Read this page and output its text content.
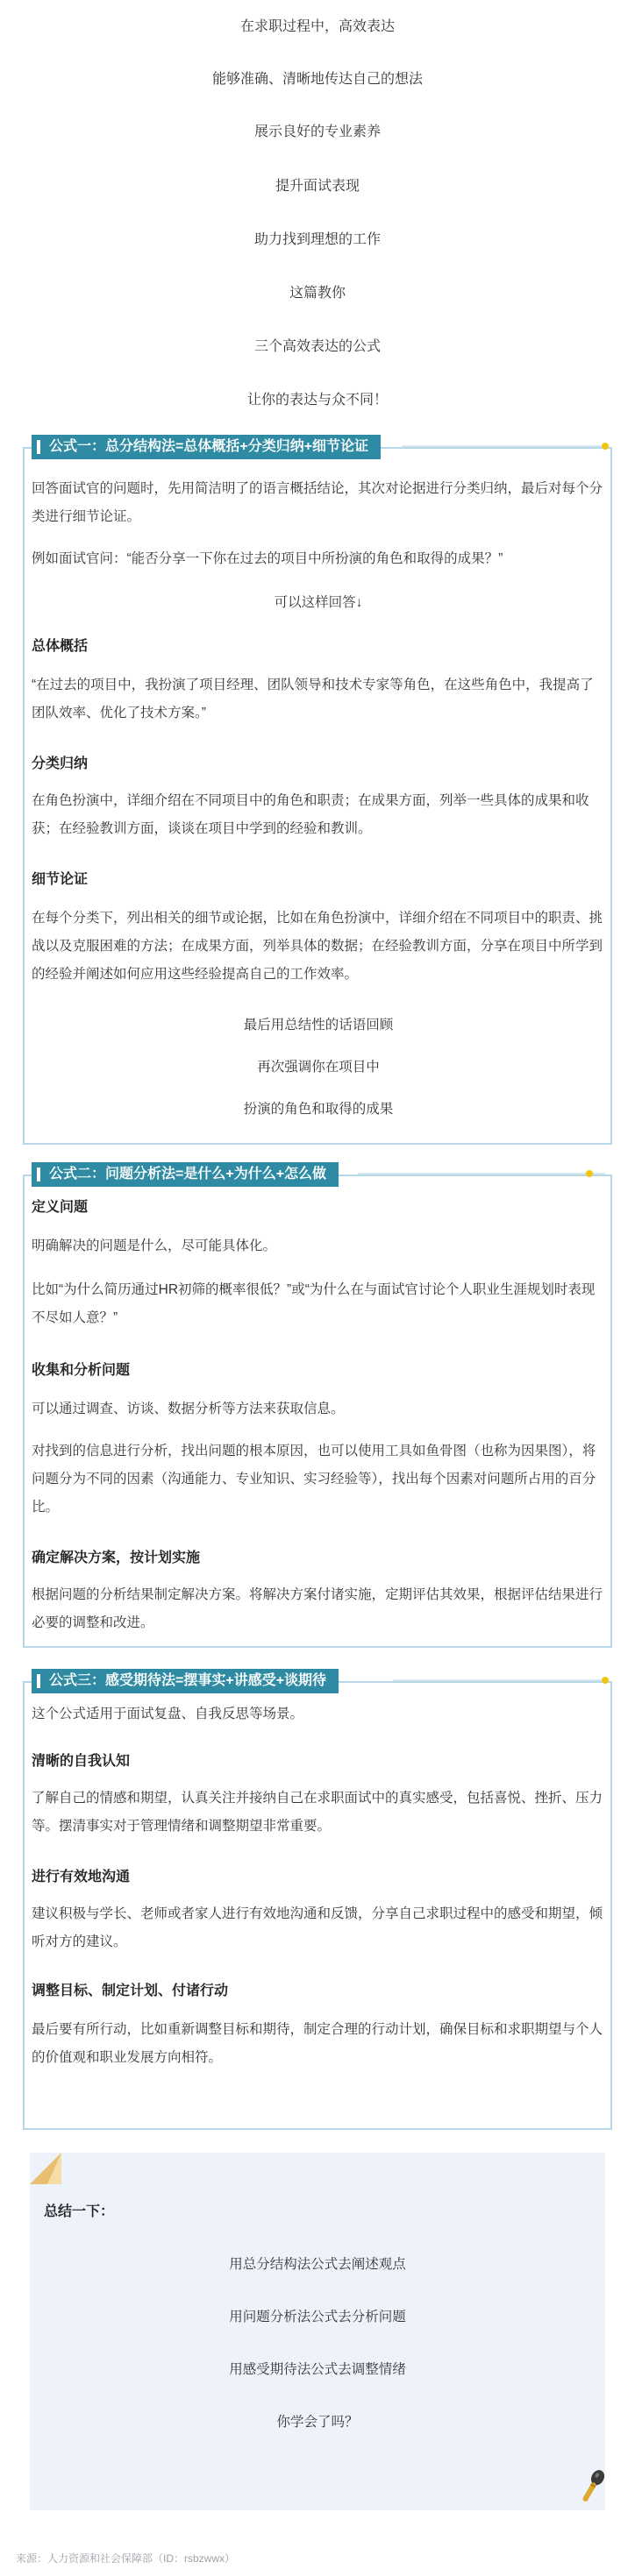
在求职过程中，高效表达
能够准确、清晰地传达自己的想法
展示良好的专业素养
提升面试表现
助力找到理想的工作
这篇教你
三个高效表达的公式
让你的表达与众不同！
公式一：总分结构法=总体概括+分类归纳+细节论证
回答面试官的问题时，先用简洁明了的语言概括结论，其次对论据进行分类归纳，最后对每个分类进行细节论证。
例如面试官问：“能否分享一下你在过去的项目中所扮演的角色和取得的成果？”
可以这样回答↓
总体概括
“在过去的项目中，我扮演了项目经理、团队领导和技术专家等角色，在这些角色中，我提高了团队效率、优化了技术方案。”
分类归纳
在角色扮演中，详细介绍在不同项目中的角色和职责；在成果方面，列举一些具体的成果和收获；在经验教训方面，谈谈在项目中学到的经验和教训。
细节论证
在每个分类下，列出相关的细节或论据，比如在角色扮演中，详细介绍在不同项目中的职责、挑战以及克服困难的方法；在成果方面，列举具体的数据；在经验教训方面，分享在项目中所学到的经验并阐述如何应用这些经验提高自己的工作效率。
最后用总结性的话语回顾
再次强调你在项目中
扮演的角色和取得的成果
公式二：问题分析法=是什么+为什么+怎么做
定义问题
明确解决的问题是什么，尽可能具体化。
比如“为什么简历通过HR初筛的概率很低？”或“为什么在与面试官讨论个人职业生涯规划时表现不尽如人意？”
收集和分析问题
可以通过调查、访谈、数据分析等方法来获取信息。
对找到的信息进行分析，找出问题的根本原因，也可以使用工具如鱼骨图（也称为因果图），将问题分为不同的因素（沟通能力、专业知识、实习经验等），找出每个因素对问题所占用的百分比。
确定解决方案，按计划实施
根据问题的分析结果制定解决方案。将解决方案付诸实施，定期评估其效果，根据评估结果进行必要的调整和改进。
公式三：感受期待法=摆事实+讲感受+谈期待
这个公式适用于面试复盘、自我反思等场景。
清晰的自我认知
了解自己的情感和期望，认真关注并接纳自己在求职面试中的真实感受，包括喜悦、挫折、压力等。摆清事实对于管理情绪和调整期望非常重要。
进行有效地沟通
建议积极与学长、老师或者家人进行有效地沟通和反馈，分享自己求职过程中的感受和期望，倾听对方的建议。
调整目标、制定计划、付诸行动
最后要有所行动，比如重新调整目标和期待，制定合理的行动计划，确保目标和求职期望与个人的价值观和职业发展方向相符。
总结一下：
用总分结构法公式去阐述观点
用问题分析法公式去分析问题
用感受期待法公式去调整情绪
你学会了吗？
来源：人力资源和社会保障部（ID：rsbzwwx）
